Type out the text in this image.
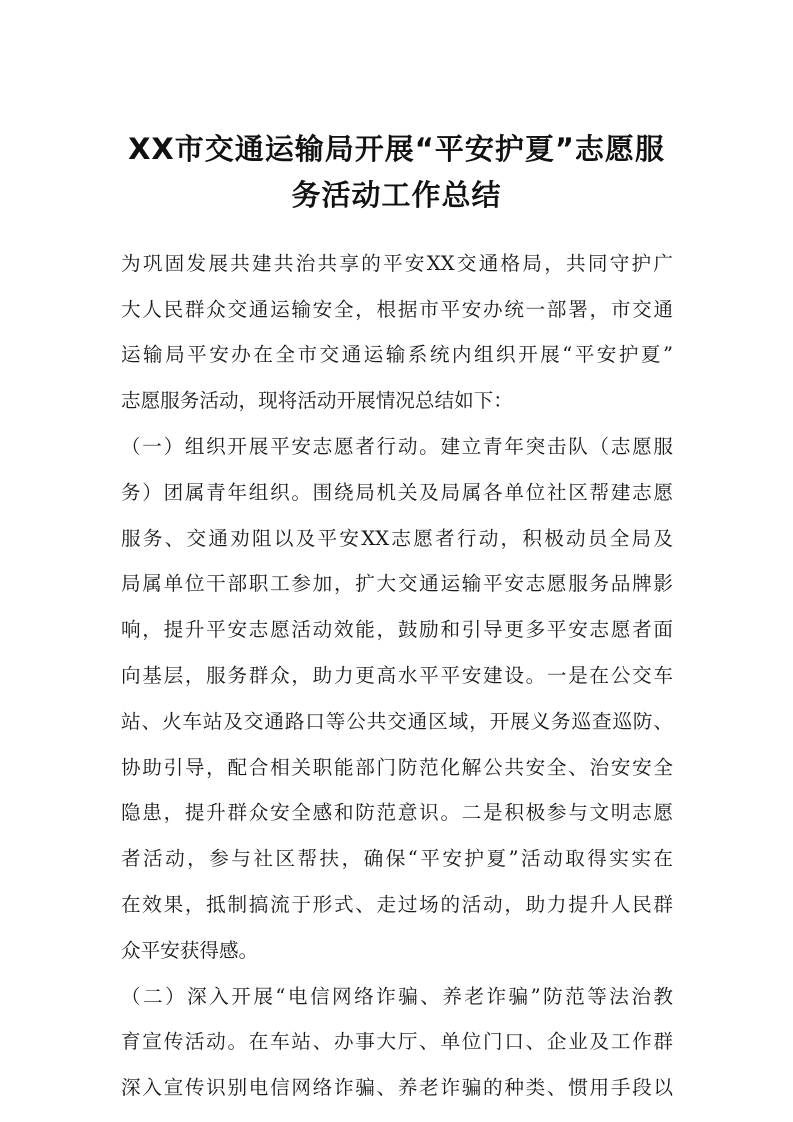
XX市交通运输局开展“平安护夏”志愿服
务活动工作总结
为巩固发展共建共治共享的平安XX交通格局，共同守护广
大人民群众交通运输安全，根据市平安办统一部署，市交通
运输局平安办在全市交通运输系统内组织开展“平安护夏”
志愿服务活动，现将活动开展情况总结如下：
（一）组织开展平安志愿者行动。建立青年突击队（志愿服
务）团属青年组织。围绕局机关及局属各单位社区帮建志愿
服务、交通劝阻以及平安XX志愿者行动，积极动员全局及
局属单位干部职工参加，扩大交通运输平安志愿服务品牌影
响，提升平安志愿活动效能，鼓励和引导更多平安志愿者面
向基层，服务群众，助力更高水平平安建设。一是在公交车
站、火车站及交通路口等公共交通区域，开展义务巡查巡防、
协助引导，配合相关职能部门防范化解公共安全、治安安全
隐患，提升群众安全感和防范意识。二是积极参与文明志愿
者活动，参与社区帮扶，确保“平安护夏”活动取得实实在
在效果，抵制搞流于形式、走过场的活动，助力提升人民群
众平安获得感。
（二）深入开展“电信网络诈骗、养老诈骗”防范等法治教
育宣传活动。在车站、办事大厅、单位门口、企业及工作群
深入宣传识别电信网络诈骗、养老诈骗的种类、惯用手段以
